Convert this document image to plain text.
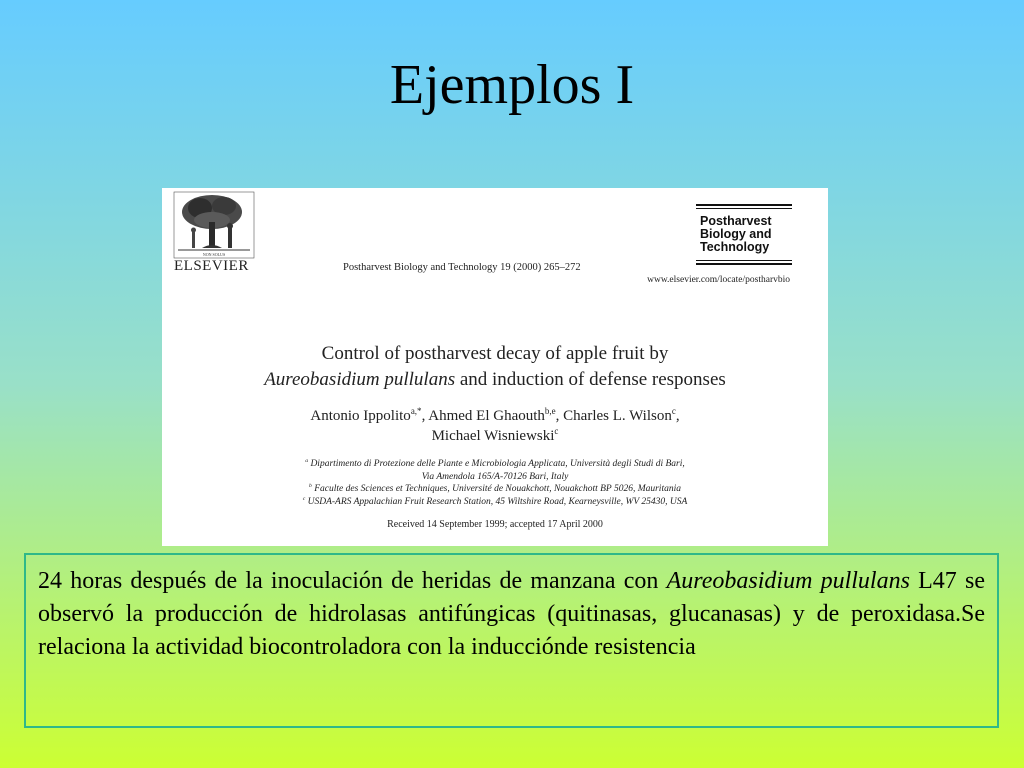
Ejemplos I
NON SOLUS
ELSEVIER	Postharvest Biology and Technology 19 (2000) 265–272
Postharvest
Biology and
Technology
www.elsevier.com/locate/postharvbio
Control of postharvest decay of apple fruit by
Aureobasidium pullulans and induction of defense responses
Antonio Ippolito$^{a,*}$, Ahmed El Ghaouth$^{b,e}$, Charles L. Wilson$^c$,
Michael Wisniewski$^c$
$^a$ Dipartimento di Protezione delle Piante e Microbiologia Applicata, Università degli Studi di Bari,
Via Amendola 165/A-70126 Bari, Italy
$^b$ Faculte des Sciences et Techniques, Université de Nouakchott, Nouakchott BP 5026, Mauritania
$^c$ USDA-ARS Appalachian Fruit Research Station, 45 Wiltshire Road, Kearneysville, WV 25430, USA
Received 14 September 1999; accepted 17 April 2000
24 horas después de la inoculación de heridas de manzana con Aureobasidium pullulans L47 se observó la producción de hidrolasas antifúngicas (quitinasas, glucanasas) y de peroxidasa.Se relaciona la actividad biocontroladora con la inducciónde resistencia
